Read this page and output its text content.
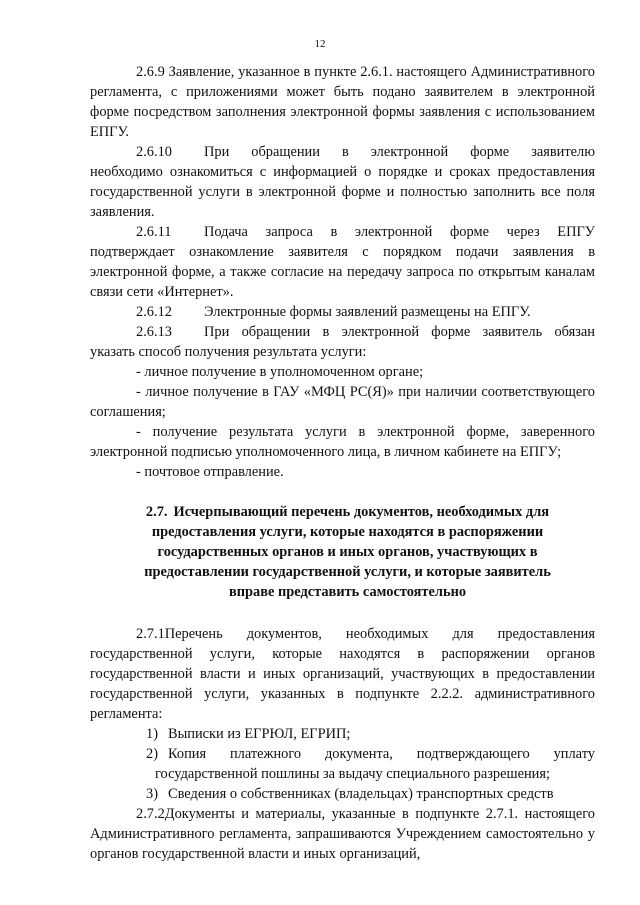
12

2.6.9 Заявление, указанное в пункте 2.6.1. настоящего Административного регламента, с приложениями может быть подано заявителем в электронной форме посредством заполнения электронной формы заявления с использованием ЕПГУ.

2.6.10	При обращении в электронной форме заявителю

необходимо ознакомиться с информацией о порядке и сроках предоставления государственной услуги в электронной форме и полностью заполнить все поля заявления.

2.6.11	Подача запроса в электронной форме через ЕПГУ

подтверждает ознакомление заявителя с порядком подачи заявления в электронной форме, а также согласие на передачу запроса по открытым каналам связи сети «Интернет».

2.6.12	Электронные формы заявлений размещены на ЕПГУ.
2.6.13	При обращении в электронной форме заявитель обязан

указать способ получения результата услуги:

- личное получение в уполномоченном органе;

- личное получение в ГАУ «МФЦ РС(Я)» при наличии соответствующего соглашения;

- получение результата услуги в электронной форме, заверенного электронной подписью уполномоченного лица, в личном кабинете на ЕПГУ;

- почтовое отправление.

2.7. Исчерпывающий перечень документов, необходимых для предоставления услуги, которые находятся в распоряжении государственных органов и иных органов, участвующих в предоставлении государственной услуги, и которые заявитель вправе представить самостоятельно

2.7.1Перечень документов, необходимых для предоставления государственной услуги, которые находятся в распоряжении органов государственной власти и иных организаций, участвующих в предоставлении государственной услуги, указанных в подпункте 2.2.2. административного регламента:

1) Выписки из ЕГРЮЛ, ЕГРИП;
2) Копия платежного документа, подтверждающего уплату

государственной пошлины за выдачу специального разрешения;

3) Сведения о собственниках (владельцах) транспортных средств

2.7.2Документы и материалы, указанные в подпункте 2.7.1. настоящего Административного регламента, запрашиваются Учреждением самостоятельно у органов государственной власти и иных организаций,
